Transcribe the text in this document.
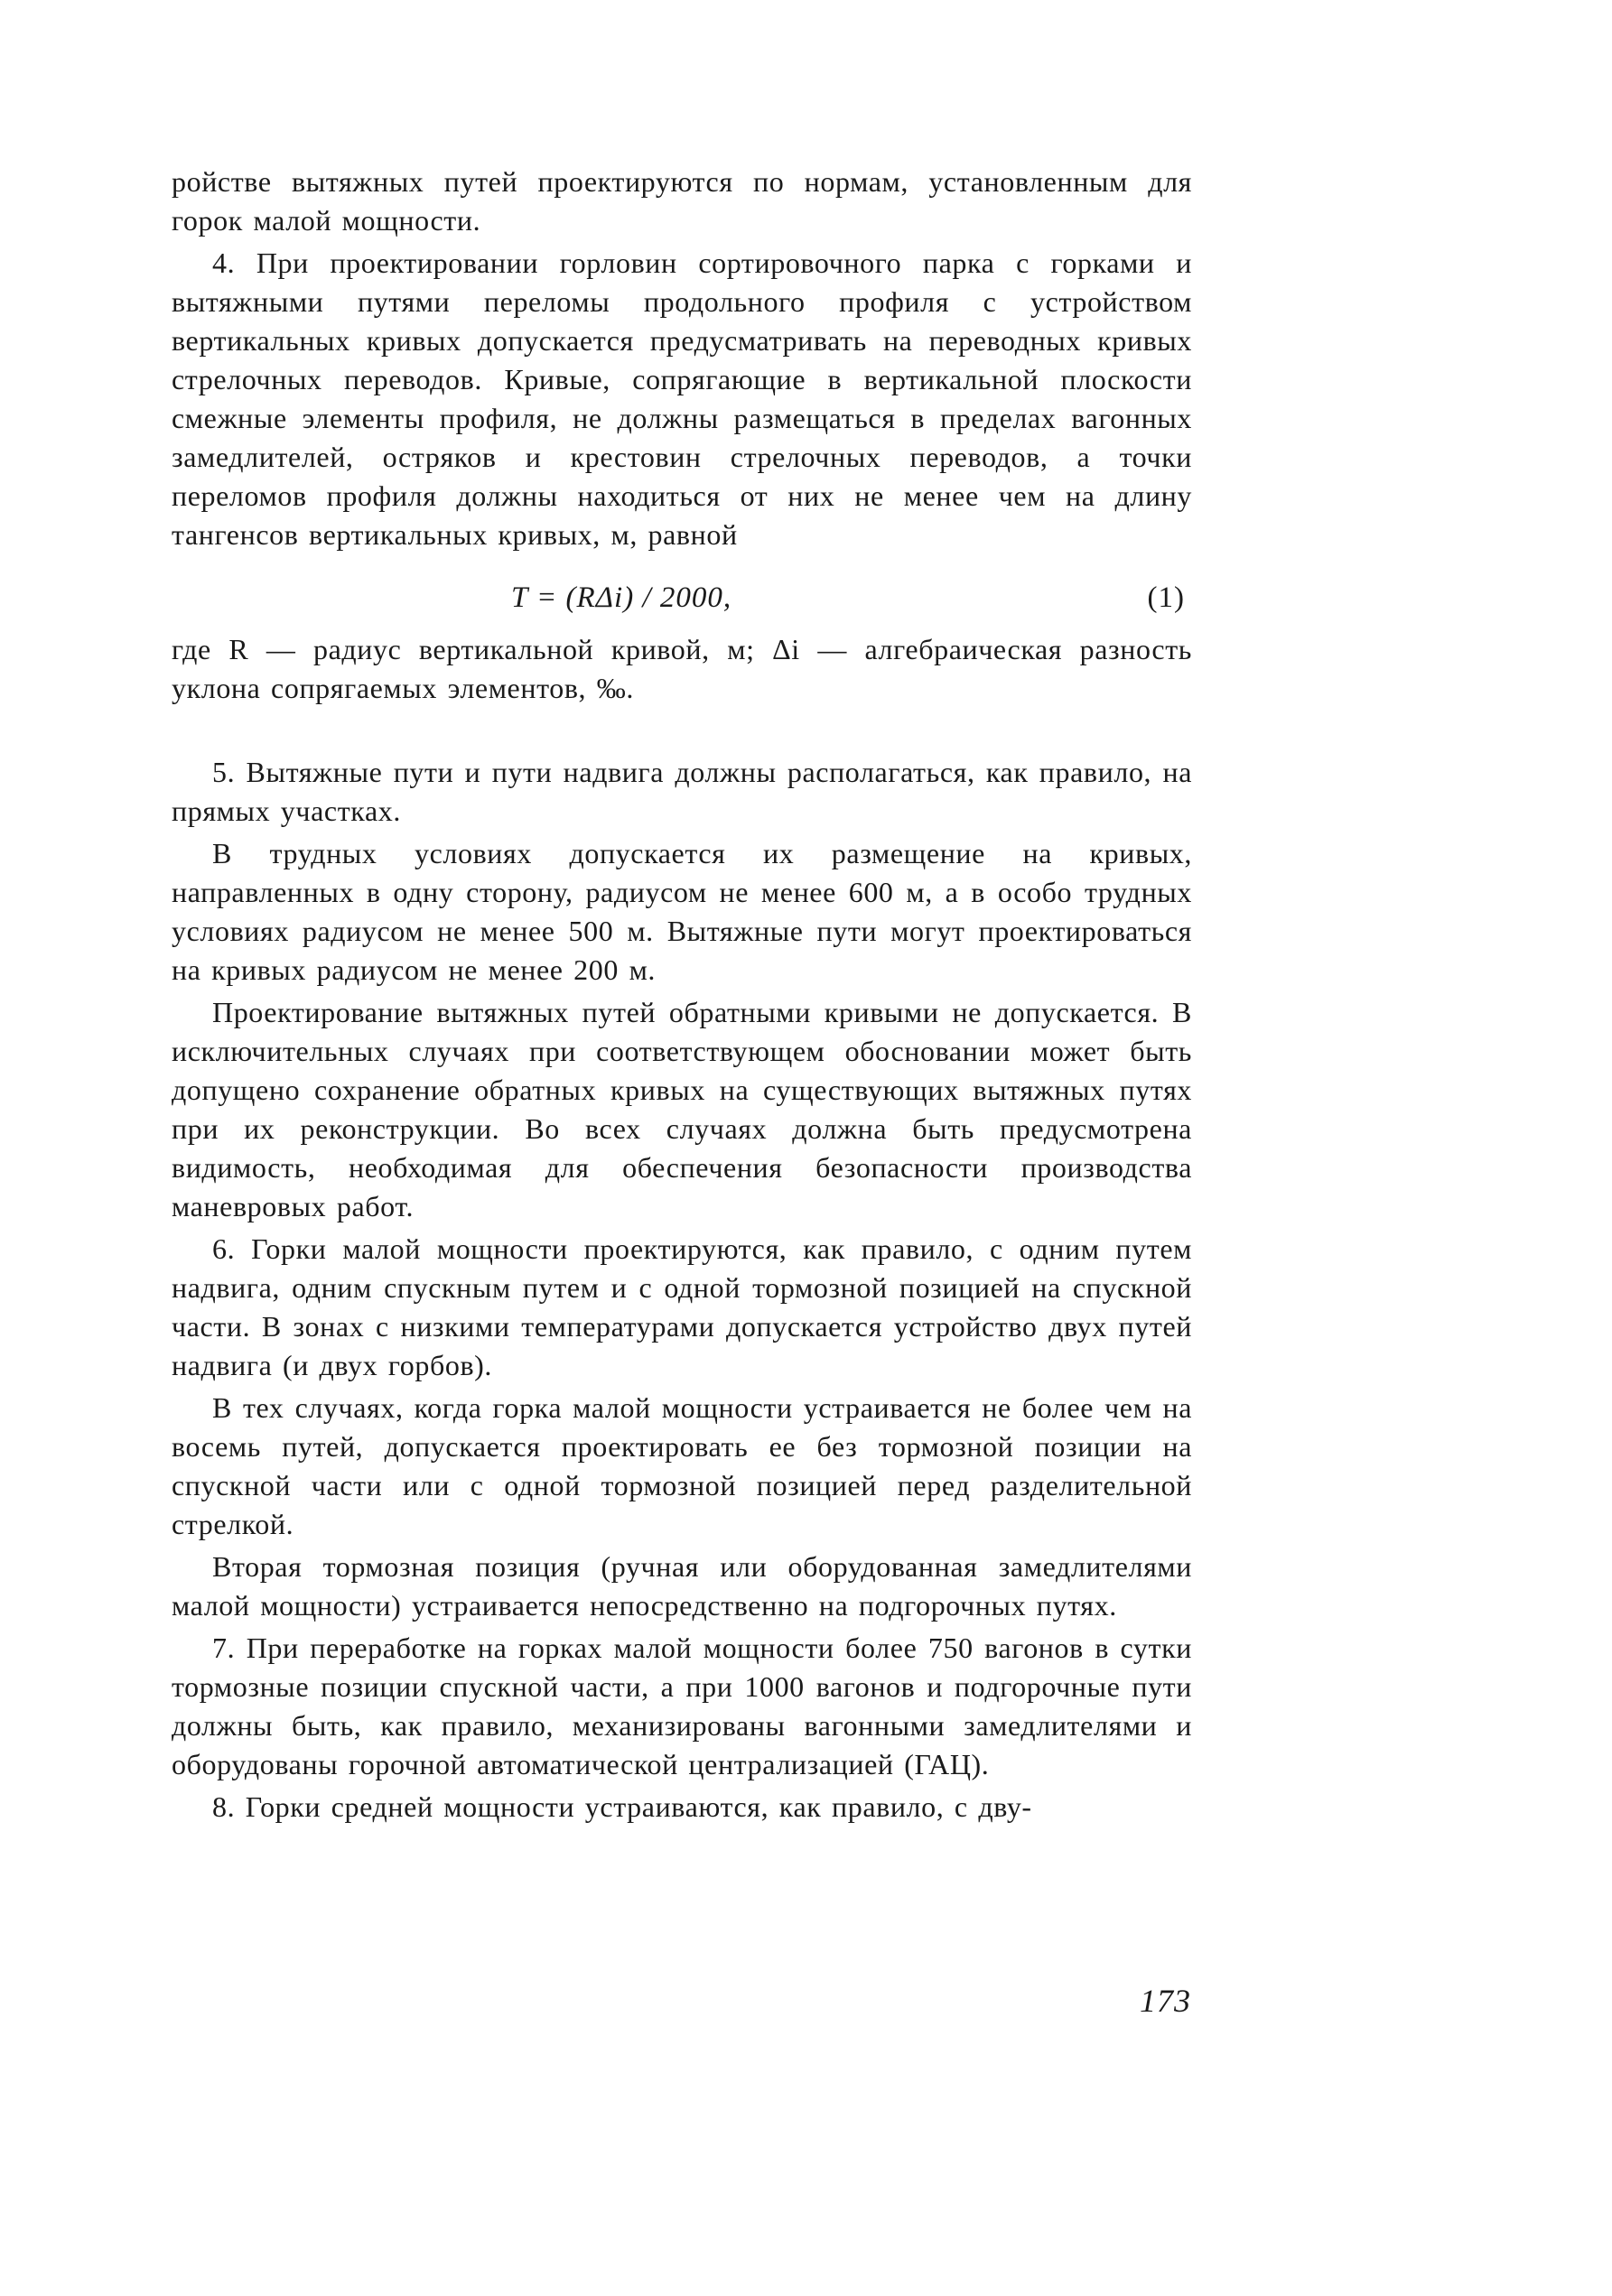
ройстве вытяжных путей проектируются по нормам, установленным для горок малой мощности.

4. При проектировании горловин сортировочного парка с горками и вытяжными путями переломы продольного профиля с устройством вертикальных кривых допускается предусматривать на переводных кривых стрелочных переводов. Кривые, сопрягающие в вертикальной плоскости смежные элементы профиля, не должны размещаться в пределах вагонных замедлителей, остряков и крестовин стрелочных переводов, а точки переломов профиля должны находиться от них не менее чем на длину тангенсов вертикальных кривых, м, равной

T = (RΔi) / 2000,	(1)

где R — радиус вертикальной кривой, м; Δi — алгебраическая разность уклона сопрягаемых элементов, ‰.

5. Вытяжные пути и пути надвига должны располагаться, как правило, на прямых участках.

В трудных условиях допускается их размещение на кривых, направленных в одну сторону, радиусом не менее 600 м, а в особо трудных условиях радиусом не менее 500 м. Вытяжные пути могут проектироваться на кривых радиусом не менее 200 м.

Проектирование вытяжных путей обратными кривыми не допускается. В исключительных случаях при соответствующем обосновании может быть допущено сохранение обратных кривых на существующих вытяжных путях при их реконструкции. Во всех случаях должна быть предусмотрена видимость, необходимая для обеспечения безопасности производства маневровых работ.

6. Горки малой мощности проектируются, как правило, с одним путем надвига, одним спускным путем и с одной тормозной позицией на спускной части. В зонах с низкими температурами допускается устройство двух путей надвига (и двух горбов).

В тех случаях, когда горка малой мощности устраивается не более чем на восемь путей, допускается проектировать ее без тормозной позиции на спускной части или с одной тормозной позицией перед разделительной стрелкой.

Вторая тормозная позиция (ручная или оборудованная замедлителями малой мощности) устраивается непосредственно на подгорочных путях.

7. При переработке на горках малой мощности более 750 вагонов в сутки тормозные позиции спускной части, а при 1000 вагонов и подгорочные пути должны быть, как правило, механизированы вагонными замедлителями и оборудованы горочной автоматической централизацией (ГАЦ).

8. Горки средней мощности устраиваются, как правило, с дву-

173
